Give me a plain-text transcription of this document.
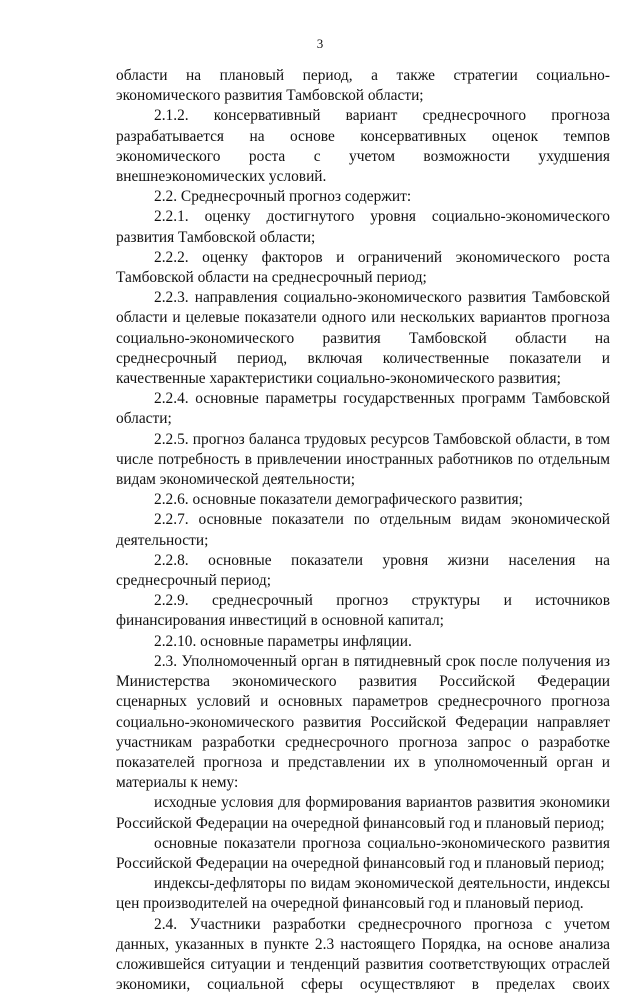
3

области на плановый период, а также стратегии социально-экономического развития Тамбовской области;

2.1.2. консервативный вариант среднесрочного прогноза разрабатывается на основе консервативных оценок темпов экономического роста с учетом возможности ухудшения внешнеэкономических условий.

2.2. Среднесрочный прогноз содержит:

2.2.1. оценку достигнутого уровня социально-экономического развития Тамбовской области;

2.2.2. оценку факторов и ограничений экономического роста Тамбовской области на среднесрочный период;

2.2.3. направления социально-экономического развития Тамбовской области и целевые показатели одного или нескольких вариантов прогноза социально-экономического развития Тамбовской области на среднесрочный период, включая количественные показатели и качественные характеристики социально-экономического развития;

2.2.4. основные параметры государственных программ Тамбовской области;

2.2.5. прогноз баланса трудовых ресурсов Тамбовской области, в том числе потребность в привлечении иностранных работников по отдельным видам экономической деятельности;

2.2.6. основные показатели демографического развития;

2.2.7. основные показатели по отдельным видам экономической деятельности;

2.2.8. основные показатели уровня жизни населения на среднесрочный период;

2.2.9. среднесрочный прогноз структуры и источников финансирования инвестиций в основной капитал;

2.2.10. основные параметры инфляции.

2.3. Уполномоченный орган в пятидневный срок после получения из Министерства экономического развития Российской Федерации сценарных условий и основных параметров среднесрочного прогноза социально-экономического развития Российской Федерации направляет участникам разработки среднесрочного прогноза запрос о разработке показателей прогноза и представлении их в уполномоченный орган и материалы к нему:

исходные условия для формирования вариантов развития экономики Российской Федерации на очередной финансовый год и плановый период;

основные показатели прогноза социально-экономического развития Российской Федерации на очередной финансовый год и плановый период;

индексы-дефляторы по видам экономической деятельности, индексы цен производителей на очередной финансовый год и плановый период.

2.4. Участники разработки среднесрочного прогноза с учетом данных, указанных в пункте 2.3 настоящего Порядка, на основе анализа сложившейся ситуации и тенденций развития соответствующих отраслей экономики, социальной сферы осуществляют в пределах своих
